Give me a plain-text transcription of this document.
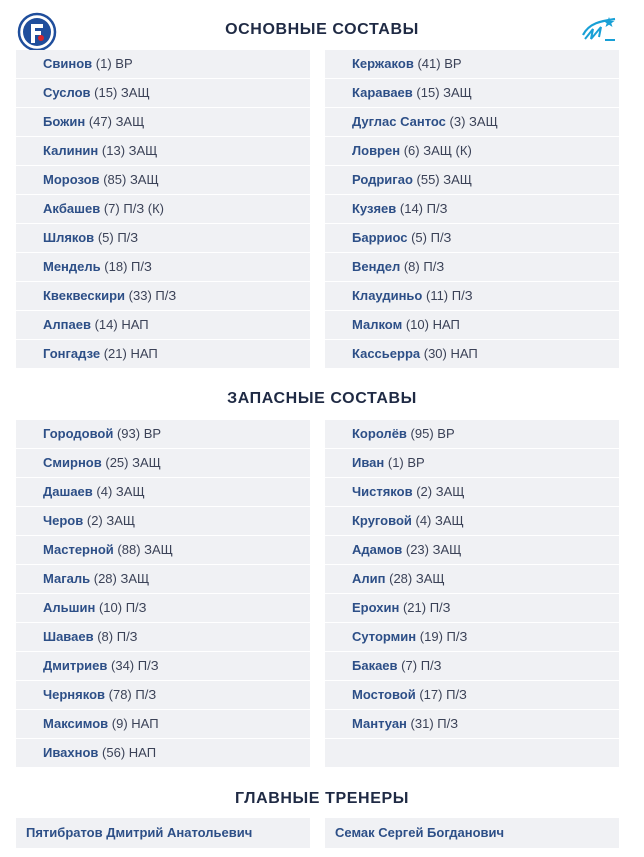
ОСНОВНЫЕ СОСТАВЫ
Свинов (1) ВР
Суслов (15) ЗАЩ
Божин (47) ЗАЩ
Калинин (13) ЗАЩ
Морозов (85) ЗАЩ
Акбашев (7) П/З (К)
Шляков (5) П/З
Мендель (18) П/З
Квеквескири (33) П/З
Алпаев (14) НАП
Гонгадзе (21) НАП
Кержаков (41) ВР
Караваев (15) ЗАЩ
Дуглас Сантос (3) ЗАЩ
Ловрен (6) ЗАЩ (К)
Родригао (55) ЗАЩ
Кузяев (14) П/З
Барриос (5) П/З
Вендел (8) П/З
Клаудиньо (11) П/З
Малком (10) НАП
Кассьерра (30) НАП
ЗАПАСНЫЕ СОСТАВЫ
Городовой (93) ВР
Смирнов (25) ЗАЩ
Дашаев (4) ЗАЩ
Черов (2) ЗАЩ
Мастерной (88) ЗАЩ
Магаль (28) ЗАЩ
Альшин (10) П/З
Шаваев (8) П/З
Дмитриев (34) П/З
Черняков (78) П/З
Максимов (9) НАП
Ивахнов (56) НАП
Королёв (95) ВР
Иван (1) ВР
Чистяков (2) ЗАЩ
Круговой (4) ЗАЩ
Адамов (23) ЗАЩ
Алип (28) ЗАЩ
Ерохин (21) П/З
Сутормин (19) П/З
Бакаев (7) П/З
Мостовой (17) П/З
Мантуан (31) П/З
ГЛАВНЫЕ ТРЕНЕРЫ
Пятибратов Дмитрий Анатольевич	Семак Сергей Богданович
